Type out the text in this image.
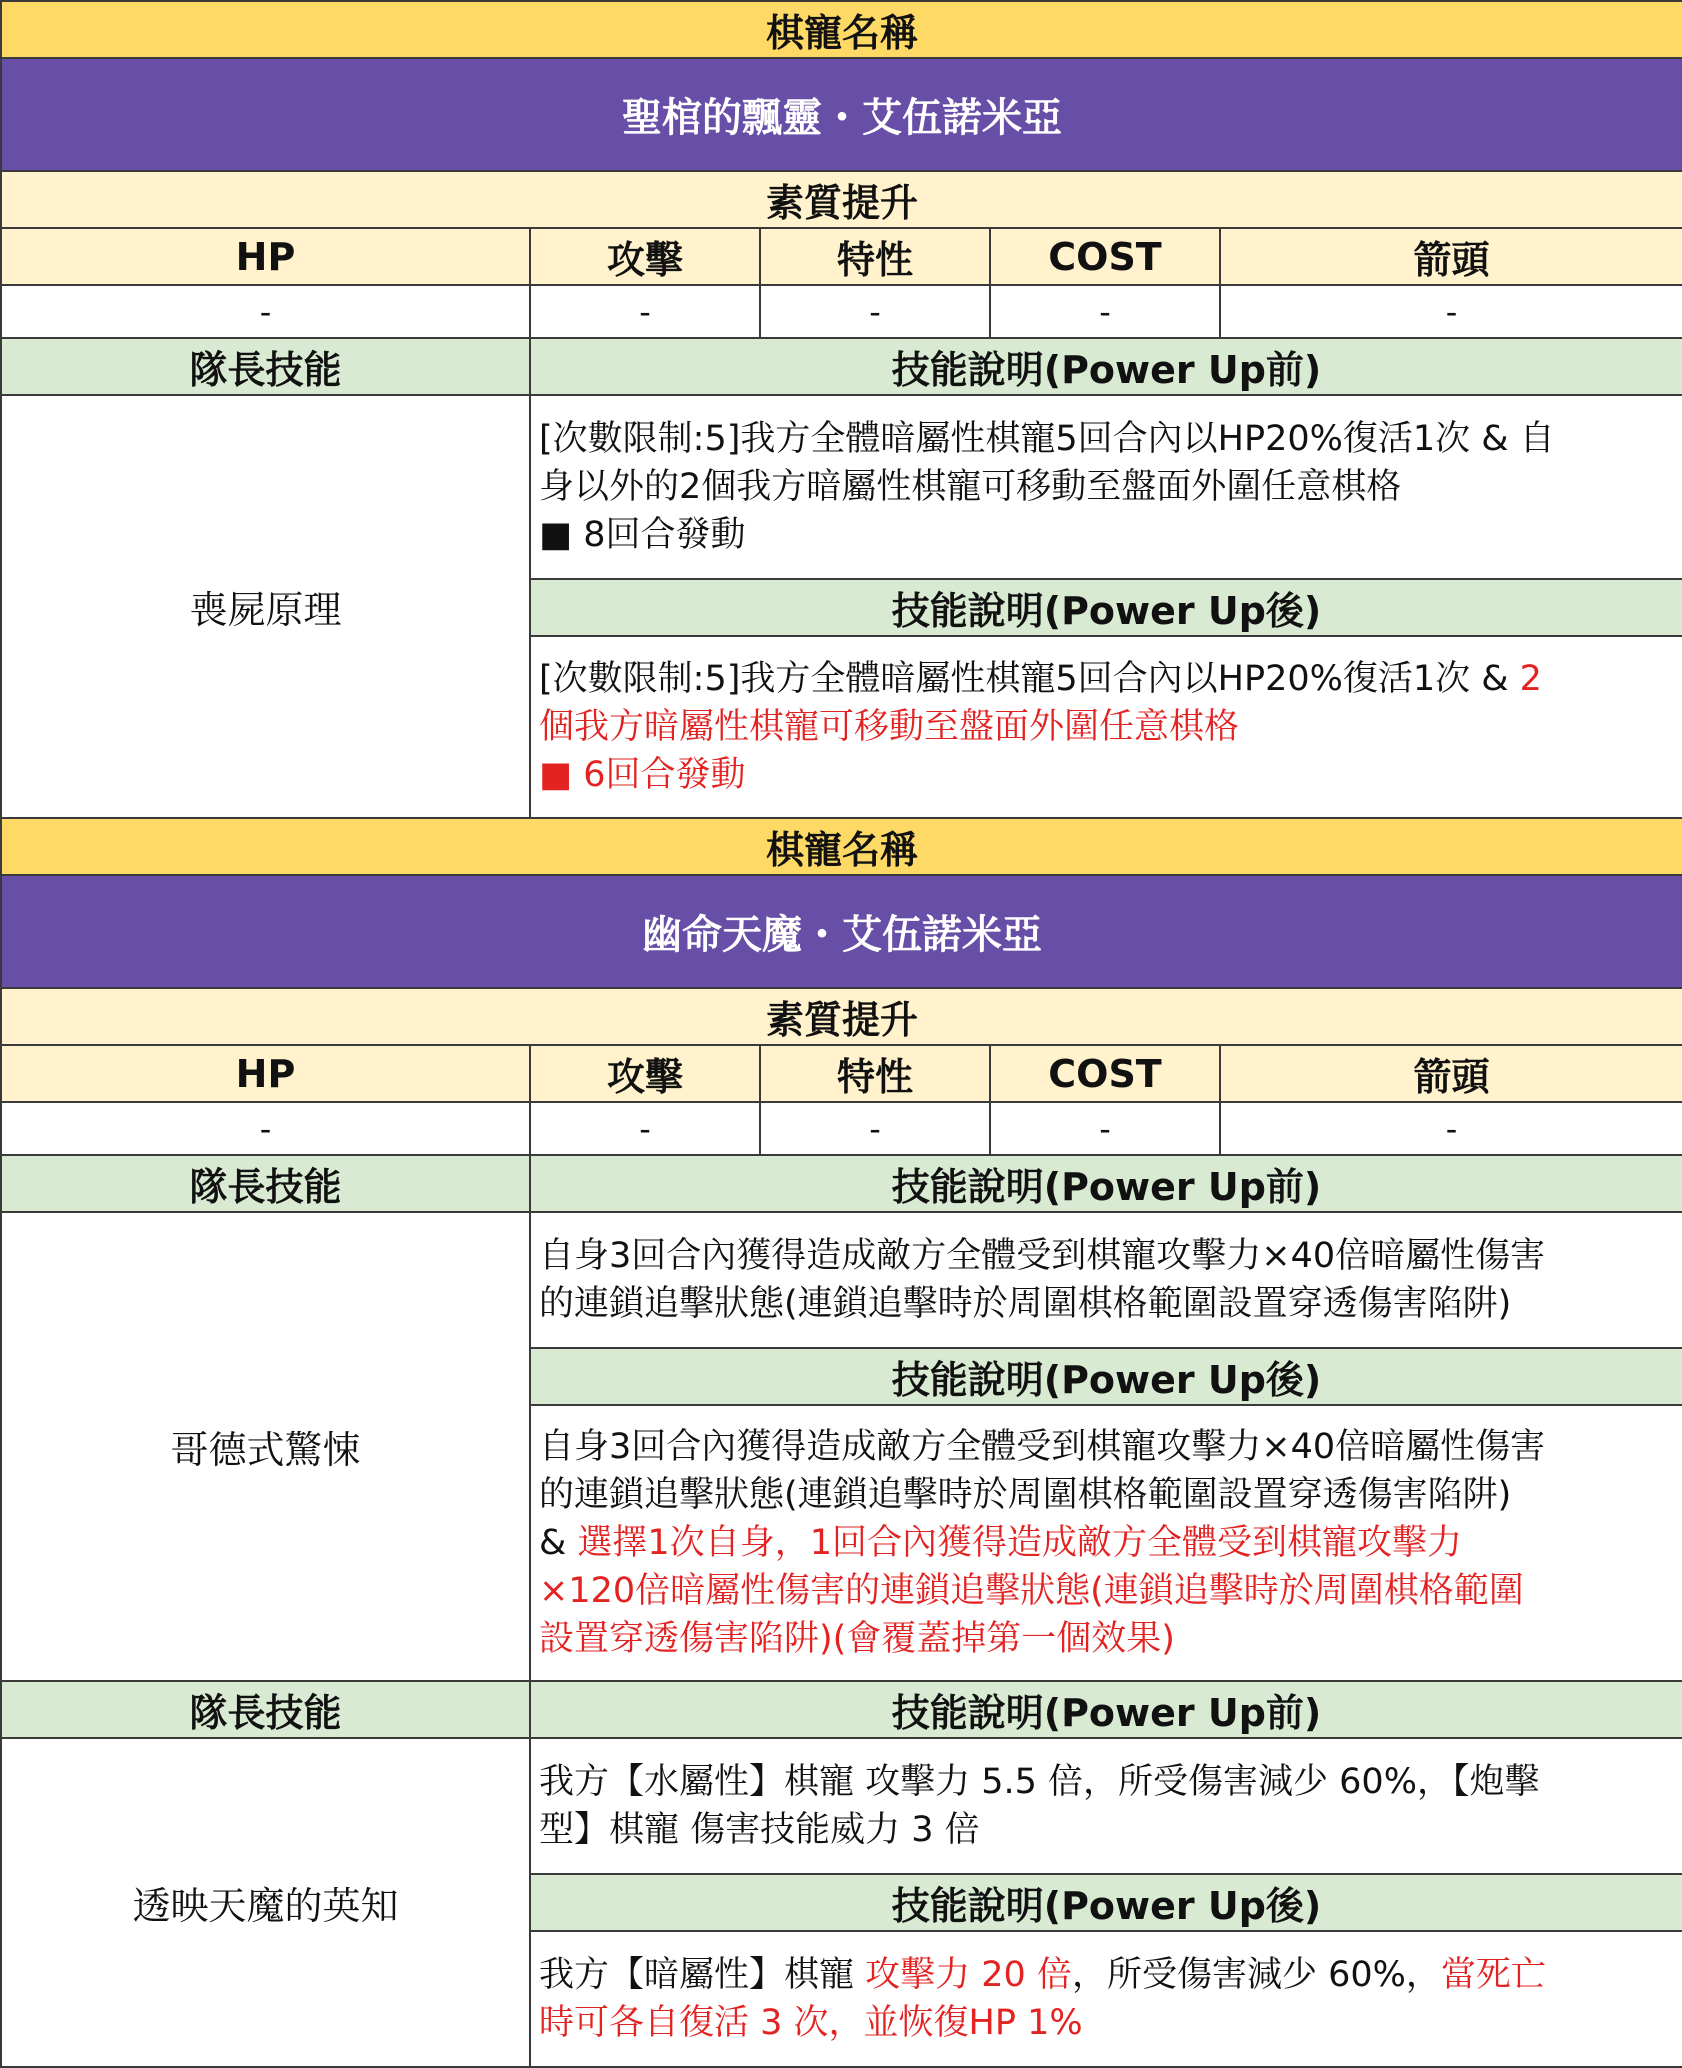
棋寵名稱				
聖棺的飄靈・艾伍諾米亞				
素質提升				
HP	攻擊	特性	COST	箭頭
-	-	-	-	-
隊長技能	技能說明(Power Up前)			
喪屍原理	[次數限制:5]我方全體暗屬性棋寵5回合內以HP20%復活1次 & 自
身以外的2個我方暗屬性棋寵可移動至盤面外圍任意棋格
■ 8回合發動			

	技能說明(Power Up後)			

	[次數限制:5]我方全體暗屬性棋寵5回合內以HP20%復活1次 & 2
個我方暗屬性棋寵可移動至盤面外圍任意棋格
■ 6回合發動			

棋寵名稱				
幽命天魔・艾伍諾米亞				
素質提升				
HP	攻擊	特性	COST	箭頭
-	-	-	-	-
隊長技能	技能說明(Power Up前)			
哥德式驚悚	自身3回合內獲得造成敵方全體受到棋寵攻擊力×40倍暗屬性傷害
的連鎖追擊狀態(連鎖追擊時於周圍棋格範圍設置穿透傷害陷阱)			

	技能說明(Power Up後)			

	自身3回合內獲得造成敵方全體受到棋寵攻擊力×40倍暗屬性傷害
的連鎖追擊狀態(連鎖追擊時於周圍棋格範圍設置穿透傷害陷阱)
& 選擇1次自身，1回合內獲得造成敵方全體受到棋寵攻擊力
×120倍暗屬性傷害的連鎖追擊狀態(連鎖追擊時於周圍棋格範圍
設置穿透傷害陷阱)(會覆蓋掉第一個效果)			

隊長技能	技能說明(Power Up前)			
透映天魔的英知	我方【水屬性】棋寵 攻擊力 5.5 倍，所受傷害減少 60%，【炮擊
型】棋寵 傷害技能威力 3 倍			

	技能說明(Power Up後)			

	我方【暗屬性】棋寵 攻擊力 20 倍，所受傷害減少 60%，當死亡
時可各自復活 3 次，並恢復HP 1%			
